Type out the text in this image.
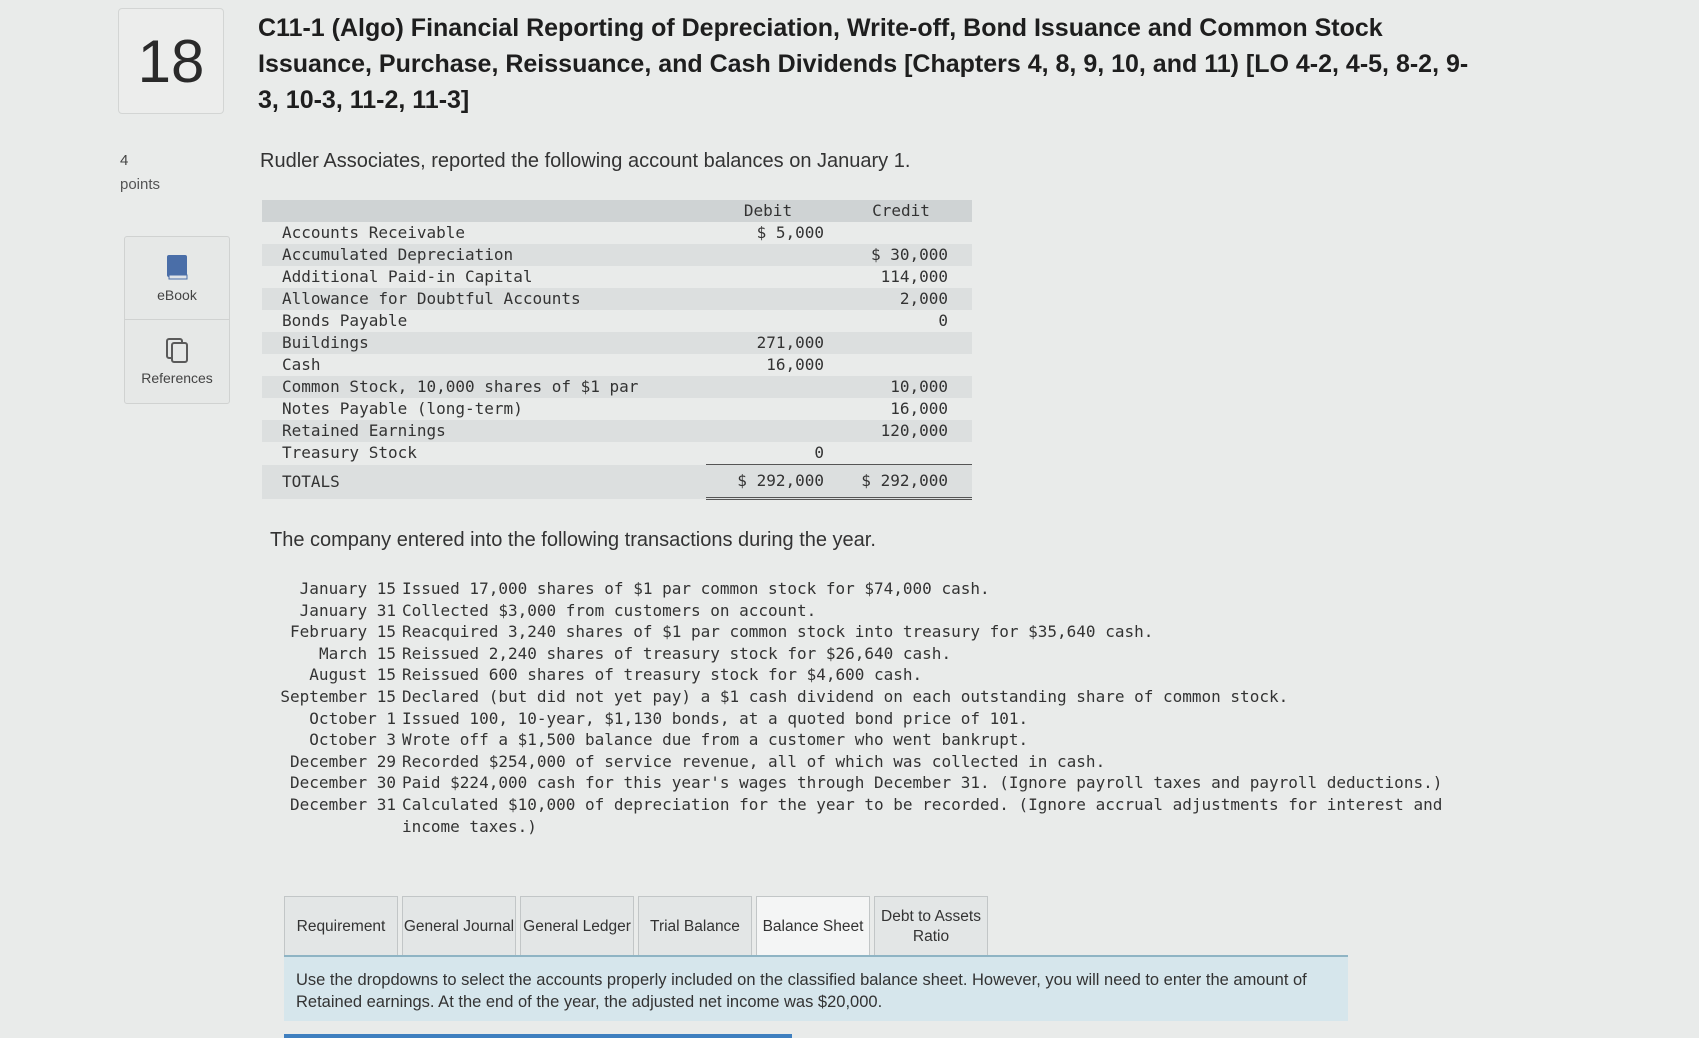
18 C11-1 (Algo) Financial Reporting of Depreciation, Write-off, Bond Issuance and Common Stock Issuance, Purchase, Reissuance, and Cash Dividends [Chapters 4, 8, 9, 10, and 11) [LO 4-2, 4-5, 8-2, 9-3, 10-3, 11-2, 11-3]
4
points
eBook
References
Rudler Associates, reported the following account balances on January 1.
	Debit	Credit
Accounts Receivable	$ 5,000	
Accumulated Depreciation		$ 30,000
Additional Paid-in Capital		114,000
Allowance for Doubtful Accounts		2,000
Bonds Payable		0
Buildings	271,000	
Cash	16,000	
Common Stock, 10,000 shares of $1 par		10,000
Notes Payable (long-term)		16,000
Retained Earnings		120,000
Treasury Stock	0	
TOTALS	$ 292,000	$ 292,000
The company entered into the following transactions during the year.
January 15 Issued 17,000 shares of $1 par common stock for $74,000 cash.
January 31 Collected $3,000 from customers on account.
February 15 Reacquired 3,240 shares of $1 par common stock into treasury for $35,640 cash.
March 15 Reissued 2,240 shares of treasury stock for $26,640 cash.
August 15 Reissued 600 shares of treasury stock for $4,600 cash.
September 15 Declared (but did not yet pay) a $1 cash dividend on each outstanding share of common stock.
October 1 Issued 100, 10-year, $1,130 bonds, at a quoted bond price of 101.
October 3 Wrote off a $1,500 balance due from a customer who went bankrupt.
December 29 Recorded $254,000 of service revenue, all of which was collected in cash.
December 30 Paid $224,000 cash for this year's wages through December 31. (Ignore payroll taxes and payroll deductions.)
December 31 Calculated $10,000 of depreciation for the year to be recorded. (Ignore accrual adjustments for interest and income taxes.)
Requirement	General Journal General Ledger	Trial Balance	Balance Sheet
Debt to Assets Ratio
Use the dropdowns to select the accounts properly included on the classified balance sheet. However, you will need to enter the amount of Retained earnings. At the end of the year, the adjusted net income was $20,000.
